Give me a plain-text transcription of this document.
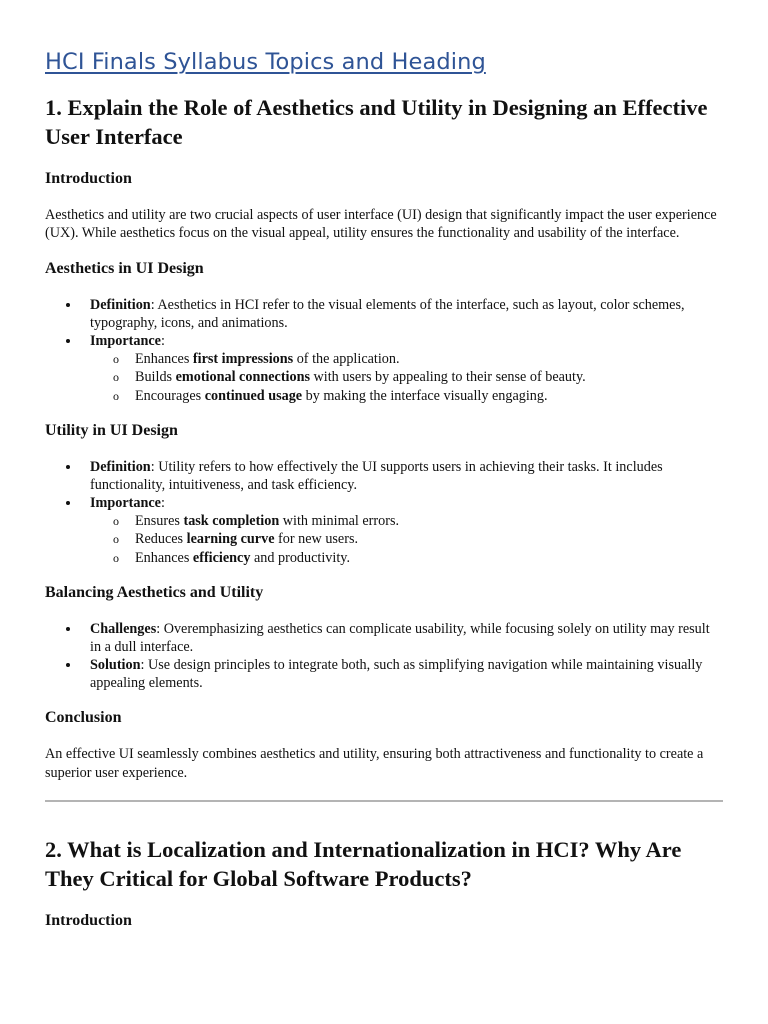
HCI Finals Syllabus Topics and Heading
1. Explain the Role of Aesthetics and Utility in Designing an Effective User Interface
Introduction

Aesthetics and utility are two crucial aspects of user interface (UI) design that significantly impact the user experience (UX). While aesthetics focus on the visual appeal, utility ensures the functionality and usability of the interface.

Aesthetics in UI Design
Definition: Aesthetics in HCI refer to the visual elements of the interface, such as layout, color schemes, typography, icons, and animations.
Importance:
o Enhances first impressions of the application.
o Builds emotional connections with users by appealing to their sense of beauty.
o Encourages continued usage by making the interface visually engaging.
Utility in UI Design
Definition: Utility refers to how effectively the UI supports users in achieving their tasks. It includes functionality, intuitiveness, and task efficiency.
Importance:
o Ensures task completion with minimal errors.
o Reduces learning curve for new users.
o Enhances efficiency and productivity.
Balancing Aesthetics and Utility
Challenges: Overemphasizing aesthetics can complicate usability, while focusing solely on utility may result in a dull interface.
Solution: Use design principles to integrate both, such as simplifying navigation while maintaining visually appealing elements.
Conclusion

An effective UI seamlessly combines aesthetics and utility, ensuring both attractiveness and functionality to create a superior user experience.

2. What is Localization and Internationalization in HCI? Why Are They Critical for Global Software Products?
Introduction
